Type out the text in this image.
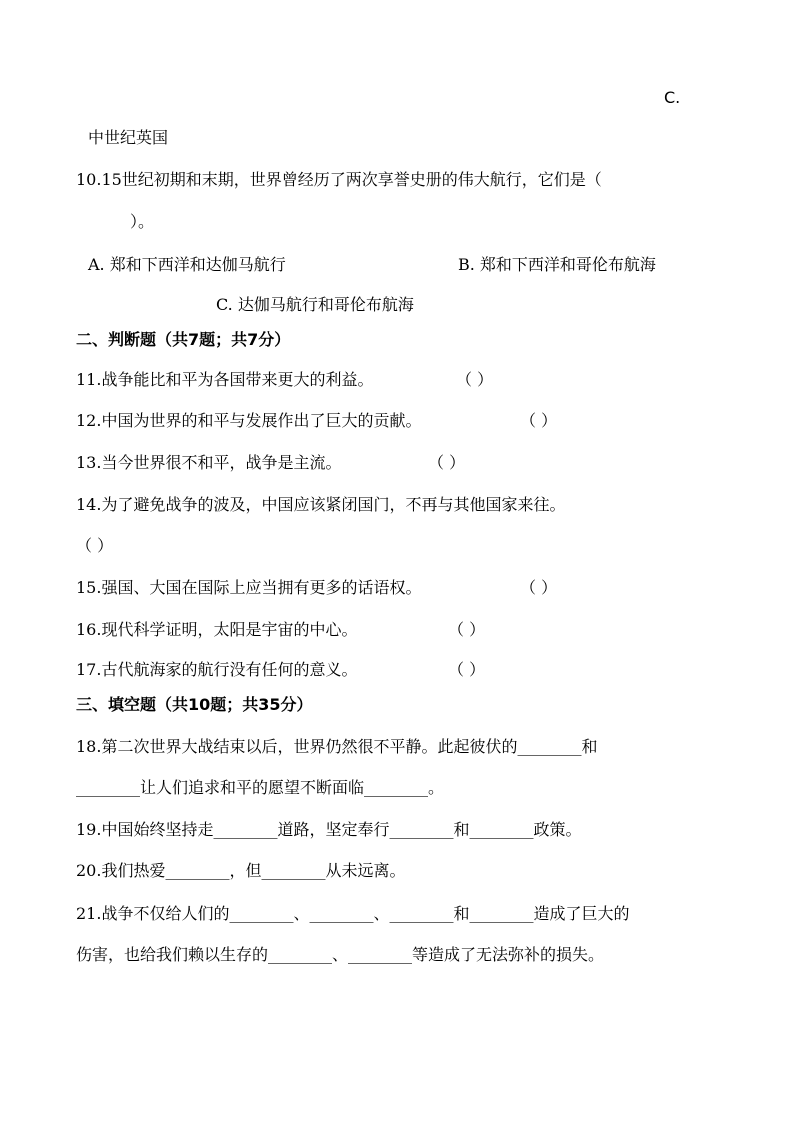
C.
中世纪英国
10.15世纪初期和末期，世界曾经历了两次享誉史册的伟大航行，它们是（
）。
A. 郑和下西洋和达伽马航行	B. 郑和下西洋和哥伦布航海
C. 达伽马航行和哥伦布航海
二、判断题（共7题；共7分）
11.战争能比和平为各国带来更大的利益。	（ ）
12.中国为世界的和平与发展作出了巨大的贡献。	（ ）
13.当今世界很不和平，战争是主流。	（ ）
14.为了避免战争的波及，中国应该紧闭国门，不再与其他国家来往。
（ ）
15.强国、大国在国际上应当拥有更多的话语权。	（ ）
16.现代科学证明，太阳是宇宙的中心。	（ ）
17.古代航海家的航行没有任何的意义。	（ ）
三、填空题（共10题；共35分）
18.第二次世界大战结束以后，世界仍然很不平静。此起彼伏的________和
________让人们追求和平的愿望不断面临________。
19.中国始终坚持走________道路，坚定奉行________和________政策。
20.我们热爱________，但________从未远离。
21.战争不仅给人们的________、________、________和________造成了巨大的
伤害，也给我们赖以生存的________、________等造成了无法弥补的损失。
